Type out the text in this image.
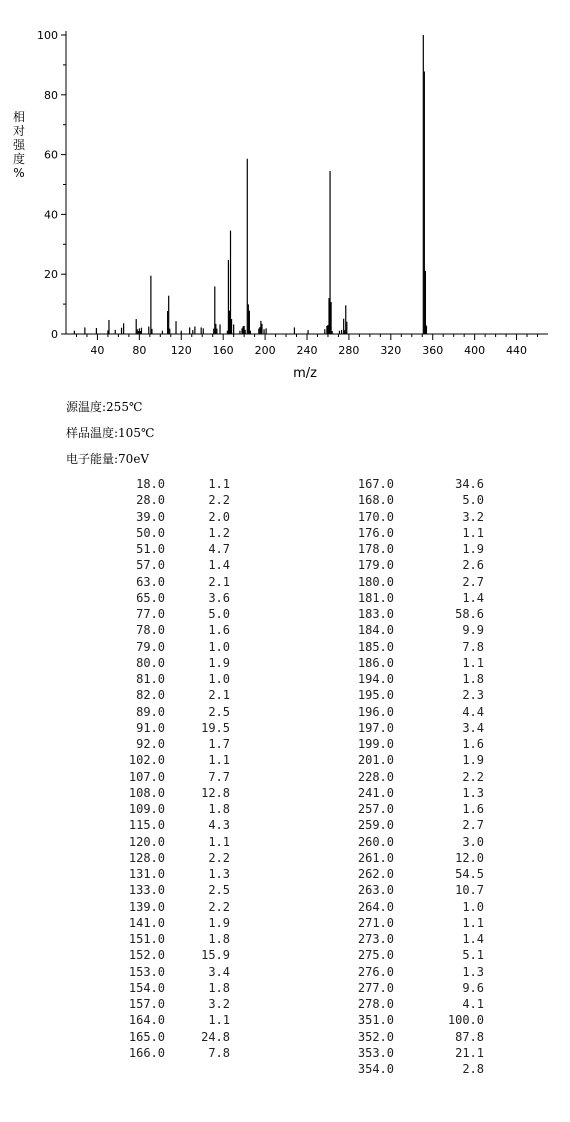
0
20
40
60
80
100
40	80 120 160 200 240 280 320 360 400 440
m/z
相
对
强
度
%
源温度:255℃
样品温度:105℃
电子能量:70eV
18.0	1.1
28.0	2.2
39.0	2.0
50.0	1.2
51.0	4.7
57.0	1.4
63.0	2.1
65.0	3.6
77.0	5.0
78.0	1.6
79.0	1.0
80.0	1.9
81.0	1.0
82.0	2.1
89.0	2.5
91.0	19.5
92.0	1.7
102.0	1.1
107.0	7.7
108.0	12.8
109.0	1.8
115.0	4.3
120.0	1.1
128.0	2.2
131.0	1.3
133.0	2.5
139.0	2.2
141.0	1.9
151.0	1.8
152.0	15.9
153.0	3.4
154.0	1.8
157.0	3.2
164.0	1.1
165.0	24.8
166.0	7.8
167.0	34.6
168.0	5.0
170.0	3.2
176.0	1.1
178.0	1.9
179.0	2.6
180.0	2.7
181.0	1.4
183.0	58.6
184.0	9.9
185.0	7.8
186.0	1.1
194.0	1.8
195.0	2.3
196.0	4.4
197.0	3.4
199.0	1.6
201.0	1.9
228.0	2.2
241.0	1.3
257.0	1.6
259.0	2.7
260.0	3.0
261.0	12.0
262.0	54.5
263.0	10.7
264.0	1.0
271.0	1.1
273.0	1.4
275.0	5.1
276.0	1.3
277.0	9.6
278.0	4.1
351.0	100.0
352.0	87.8
353.0	21.1
354.0	2.8
